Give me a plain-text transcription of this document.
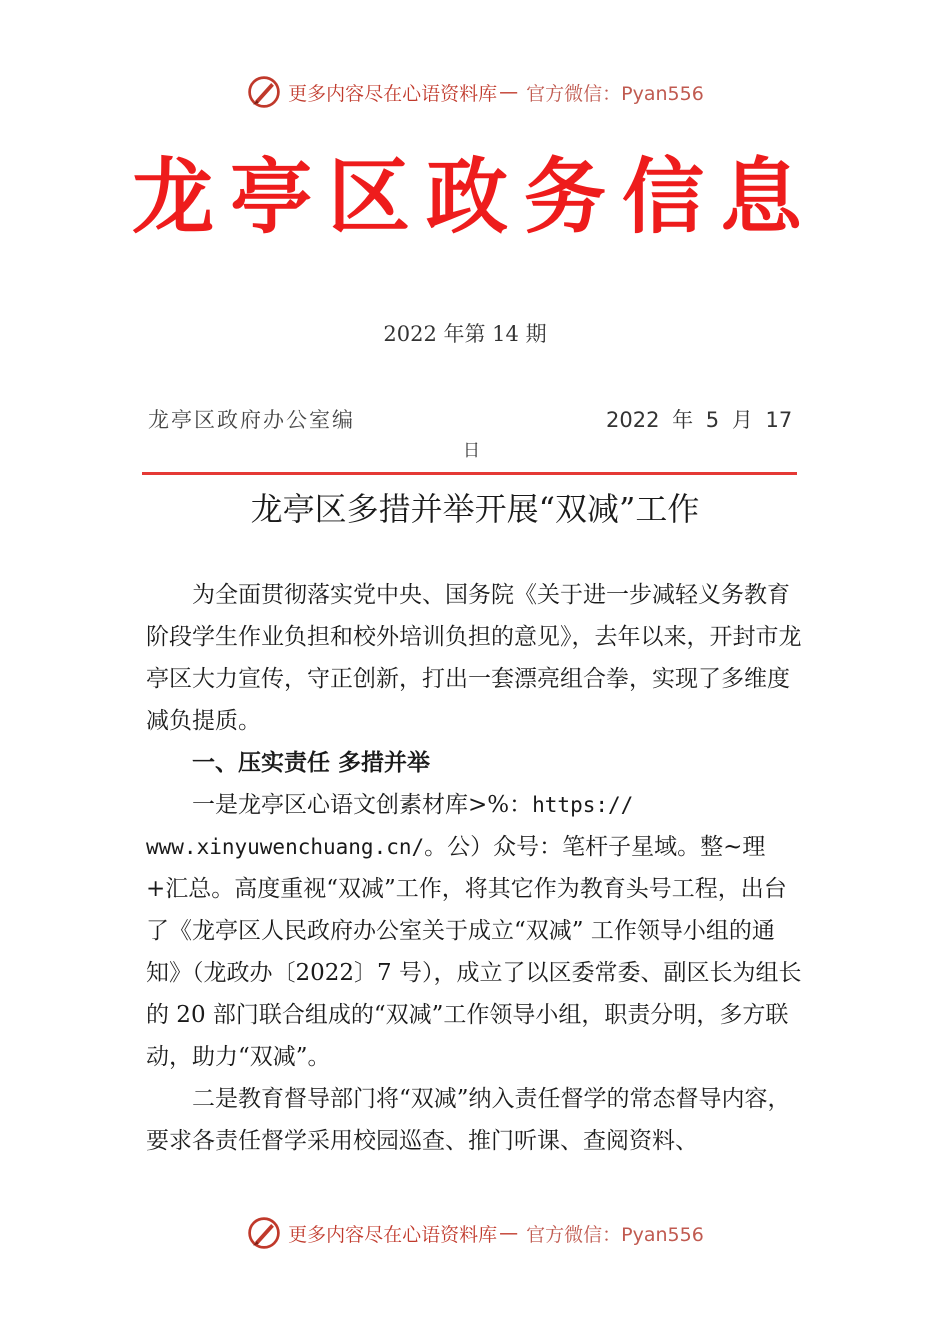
更多内容尽在心语资料库 — 官方微信：Pyan556
龙亭区政务信息
2022 年第 14 期
龙亭区政府办公室编	2022 年 5 月 17
日
龙亭区多措并举开展“双减”工作

为全面贯彻落实党中央、国务院《关于进一步减轻义务教育阶段学生作业负担和校外培训负担的意见》，去年以来，开封市龙亭区大力宣传，守正创新，打出一套漂亮组合拳，实现了多维度减负提质。

一、压实责任 多措并举

一是龙亭区心语文创素材库>%：https://
www.xinyuwenchuang.cn/。公）众号：笔杆子星域。整~理+汇总。高度重视“双减”工作，将其它作为教育头号工程，出台了《龙亭区人民政府办公室关于成立“双减” 工作领导小组的通知》（龙政办〔2022〕7 号），成立了以区委常委、副区长为组长的 20 部门联合组成的“双减”工作领导小组，职责分明，多方联动，助力“双减”。

二是教育督导部门将“双减”纳入责任督学的常态督导内容，要求各责任督学采用校园巡查、推门听课、查阅资料、

更多内容尽在心语资料库 — 官方微信：Pyan556
